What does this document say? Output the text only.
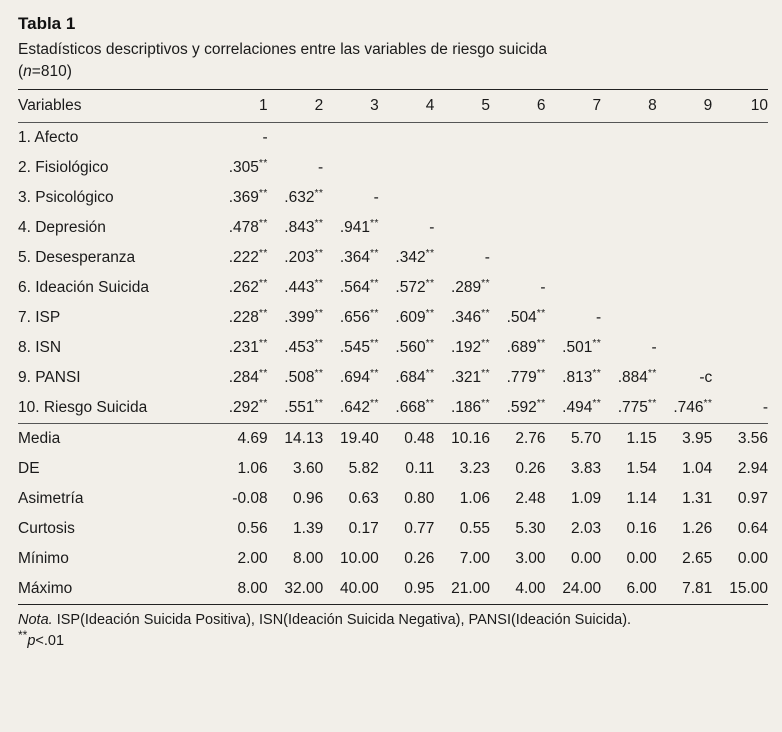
Tabla 1
Estadísticos descriptivos y correlaciones entre las variables de riesgo suicida
(n=810)
Variables	1	2	3	4	5	6	7	8	9	10
1. Afecto	-									
2. Fisiológico	.305**	-								
3. Psicológico	.369**	.632**	-							
4. Depresión	.478**	.843**	.941**	-						
5. Desesperanza	.222**	.203**	.364**	.342**	-					
6. Ideación Suicida	.262**	.443**	.564**	.572**	.289**	-				
7. ISP	.228**	.399**	.656**	.609**	.346**	.504**	-			
8. ISN	.231**	.453**	.545**	.560**	.192**	.689**	.501**	-		
9. PANSI	.284**	.508**	.694**	.684**	.321**	.779**	.813**	.884**	-c	
10. Riesgo Suicida	.292**	.551**	.642**	.668**	.186**	.592**	.494**	.775**	.746**	-
Media	4.69	14.13	19.40	0.48	10.16	2.76	5.70	1.15	3.95	3.56
DE	1.06	3.60	5.82	0.11	3.23	0.26	3.83	1.54	1.04	2.94
Asimetría	-0.08	0.96	0.63	0.80	1.06	2.48	1.09	1.14	1.31	0.97
Curtosis	0.56	1.39	0.17	0.77	0.55	5.30	2.03	0.16	1.26	0.64
Mínimo	2.00	8.00	10.00	0.26	7.00	3.00	0.00	0.00	2.65	0.00
Máximo	8.00	32.00	40.00	0.95	21.00	4.00	24.00	6.00	7.81	15.00
Nota. ISP(Ideación Suicida Positiva), ISN(Ideación Suicida Negativa), PANSI(Ideación Suicida).
**p<.01
